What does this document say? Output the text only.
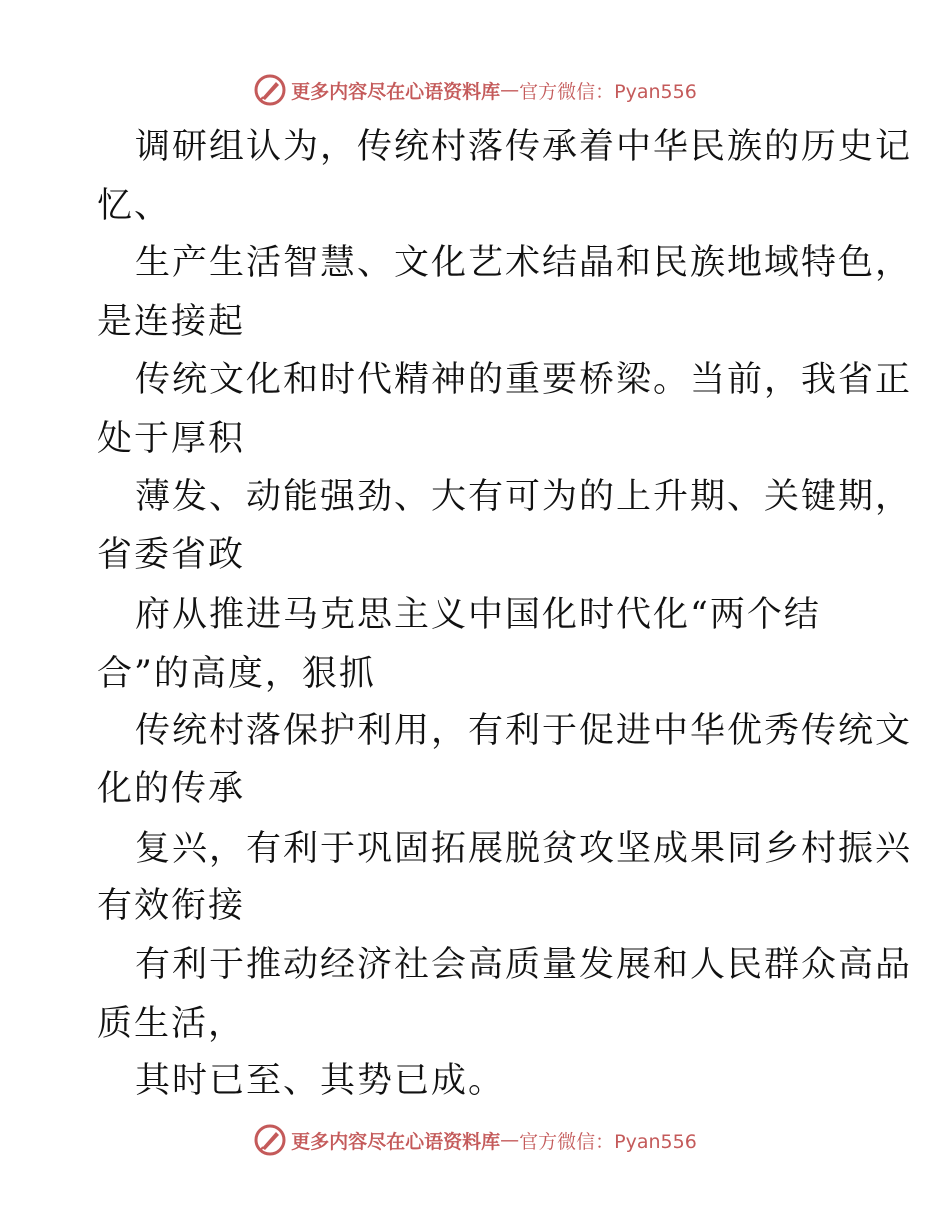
更多内容尽在心语资料库 — 官方微信：Pyan556
调研组认为，传统村落传承着中华民族的历史记
忆、
生产生活智慧、文化艺术结晶和民族地域特色，
是连接起
传统文化和时代精神的重要桥梁。当前，我省正
处于厚积
薄发、动能强劲、大有可为的上升期、关键期，
省委省政
府从推进马克思主义中国化时代化“两个结
合”的高度，狠抓
传统村落保护利用，有利于促进中华优秀传统文
化的传承
复兴，有利于巩固拓展脱贫攻坚成果同乡村振兴
有效衔接
有利于推动经济社会高质量发展和人民群众高品
质生活，
其时已至、其势已成。
更多内容尽在心语资料库 — 官方微信：Pyan556
